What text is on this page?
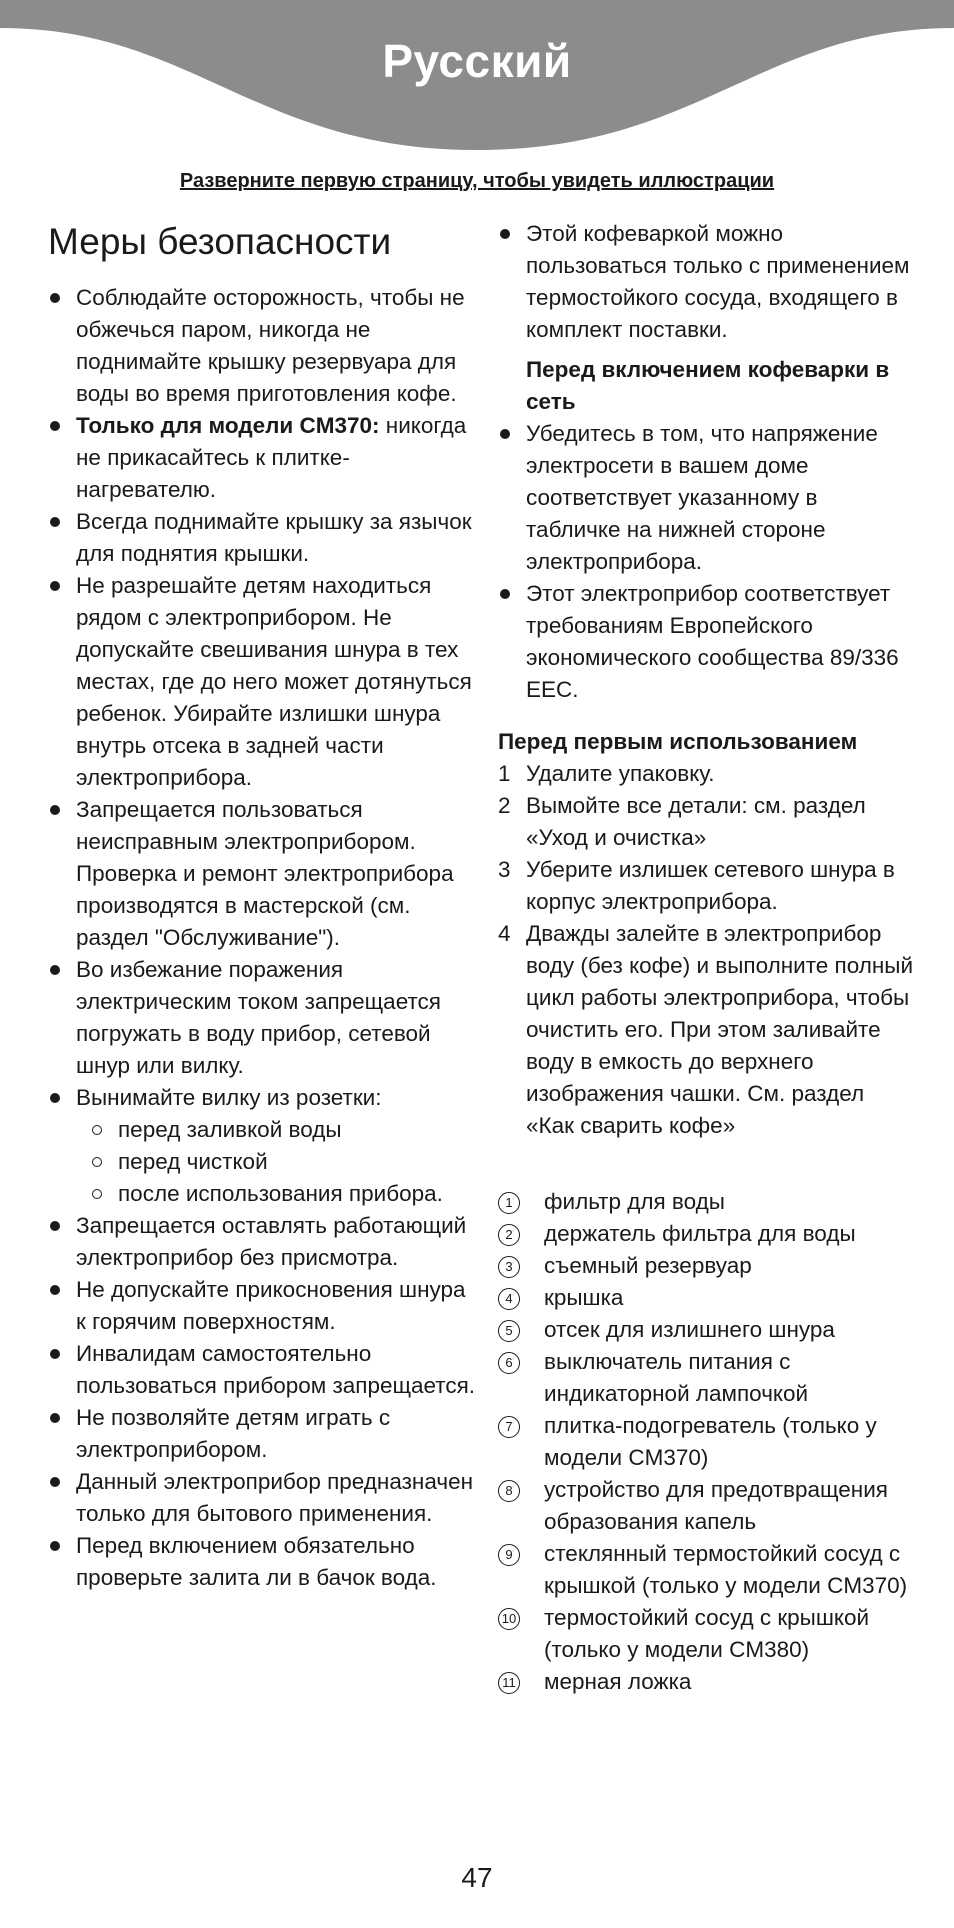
Русский
Разверните первую страницу, чтобы увидеть иллюстрации
Меры безопасности
Соблюдайте осторожность, чтобы не обжечься паром, никогда не поднимайте крышку резервуара для воды во время приготовления кофе.
Только для модели CM370: никогда не прикасайтесь к плитке-нагревателю.
Всегда поднимайте крышку за язычок для поднятия крышки.
Не разрешайте детям находиться рядом с электроприбором. Не допускайте свешивания шнура в тех местах, где до него может дотянуться ребенок. Убирайте излишки шнура внутрь отсека в задней части электроприбора.
Запрещается пользоваться неисправным электроприбором. Проверка и ремонт электроприбора производятся в мастерской (см. раздел "Обслуживание").
Во избежание поражения электрическим током запрещается погружать в воду прибор, сетевой шнур или вилку.
Вынимайте вилку из розетки:
перед заливкой воды
перед чисткой
после использования прибора.
Запрещается оставлять работающий электроприбор без присмотра.
Не допускайте прикосновения шнура к горячим поверхностям.
Инвалидам самостоятельно пользоваться прибором запрещается.
Не позволяйте детям играть с электроприбором.
Данный электроприбор предназначен только для бытового применения.
Перед включением обязательно проверьте залита ли в бачок вода.
Этой кофеваркой можно пользоваться только с применением термостойкого сосуда, входящего в комплект поставки.
Перед включением кофеварки в сеть
Убедитесь в том, что напряжение электросети в вашем доме соответствует указанному в табличке на нижней стороне электроприбора.
Этот электроприбор соответствует требованиям Европейского экономического сообщества 89/336 EEC.
Перед первым использованием
1 Удалите упаковку.
2 Вымойте все детали: см. раздел «Уход и очистка»
3 Уберите излишек сетевого шнура в корпус электроприбора.
4 Дважды залейте в электроприбор воду (без кофе) и выполните полный цикл работы электроприбора, чтобы очистить его. При этом заливайте воду в емкость до верхнего изображения чашки. См. раздел «Как сварить кофе»
1	фильтр для воды
2	держатель фильтра для воды
3	съемный резервуар
4	крышка
5	отсек для излишнего шнура
6	выключатель питания с индикаторной лампочкой
7	плитка-подогреватель (только у модели CM370)
8	устройство для предотвращения образования капель
9	стеклянный термостойкий сосуд с крышкой (только у модели CM370)
10 термостойкий сосуд с крышкой (только у модели CM380)
11 мерная ложка
47
